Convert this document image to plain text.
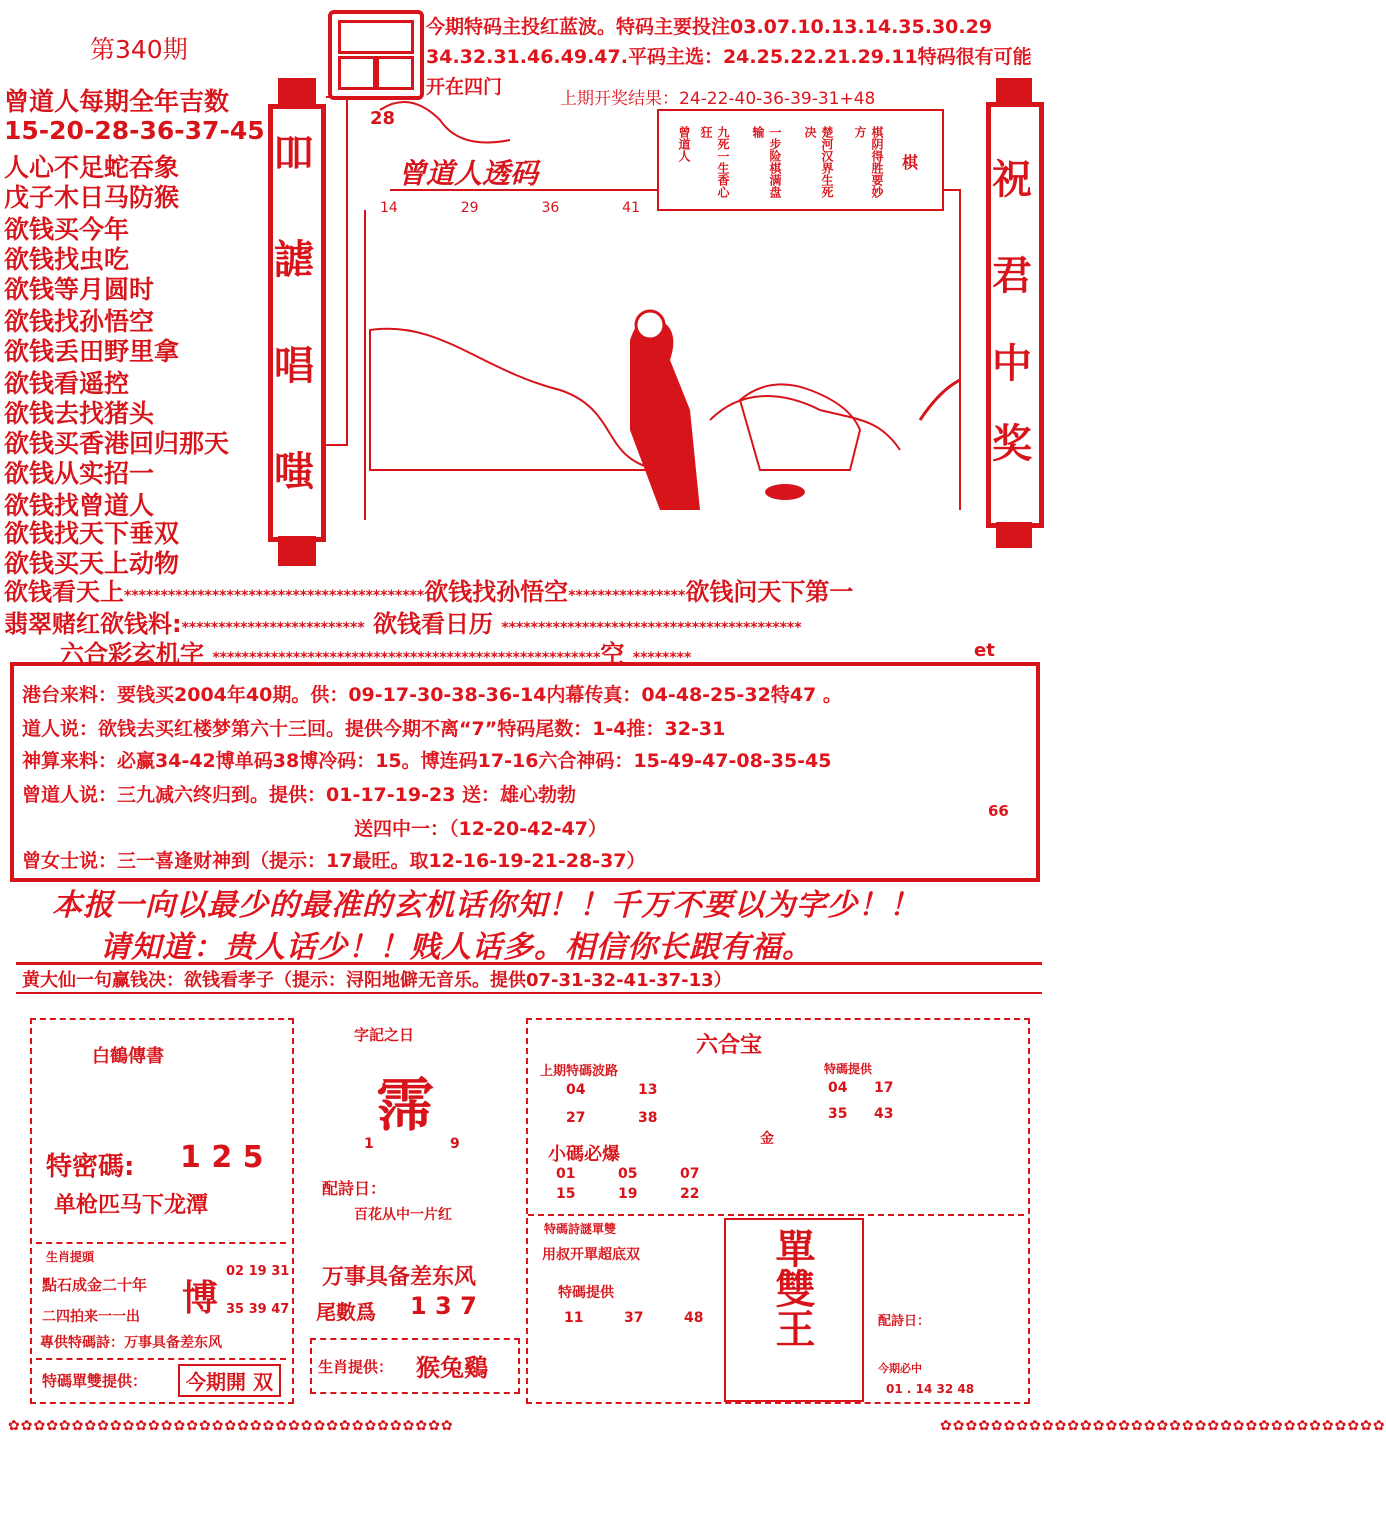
第340期
今期特码主投红蓝波。特码主要投注03.07.10.13.14.35.30.29
34.32.31.46.49.47.平码主选：24.25.22.21.29.11特码很有可能
开在四门
上期开奖结果：24-22-40-36-39-31+48
曾道人每期全年吉数
15-20-28-36-37-45
人心不足蛇吞象
戊子木日马防猴
欲钱买今年
欲钱找虫吃
欲钱等月圆时
欲钱找孙悟空
欲钱丢田野里拿
欲钱看遥控
欲钱去找猪头
欲钱买香港回归那天
欲钱从实招一
欲钱找曾道人
欲钱找天下垂双
欲钱买天上动物
吅
謔
唱
嗤
28
曾道人透码
14	29	36	41
曾道人	九死一生香心狂	一步险棋满盘输	楚河汉界生死决	棋阴得胜要妙方
棋 祝
君
中
奖
欲钱看天上*****************************************欲钱找孙悟空****************欲钱问天下第一
翡翠赌红欲钱料:************************* 欲钱看日历 *****************************************
六合彩玄机字 *****************************************************空 ********	et
港台来料：要钱买2004年40期。供：09-17-30-38-36-14内幕传真：04-48-25-32特47 。
道人说：欲钱去买红楼梦第六十三回。提供今期不离“7”特码尾数：1-4推：32-31
神算来料：必赢34-42博单码38博冷码：15。博连码17-16六合神码：15-49-47-08-35-45
曾道人说：三九减六终归到。提供：01-17-19-23 送：雄心勃勃
送四中一：（12-20-42-47）
66
曾女士说：三一喜逢财神到（提示：17最旺。取12-16-19-21-28-37）
本报一向以最少的最准的玄机话你知！！千万不要以为字少！！
请知道：贵人话少！！贱人话多。相信你长跟有福。
黄大仙一句赢钱决：欲钱看孝子（提示：浔阳地僻无音乐。提供07-31-32-41-37-13）
白鶴傳書
特密碼: 1 2 5
单枪匹马下龙潭
生肖提頭
點石成金二十年
二四拍来一一出 博
02 19 31
35 39 47
專供特碼詩：万事具备差东风
特碼單雙提供：	今期開 双
字記之日
霈
1	9
配詩日：
百花从中一片红
万事具备差东风
尾數爲 1 3 7
生肖提供： 猴兔鷄
六合宝
上期特碼波路
04	13
27	38
金
小碼必爆
01	05	07
15	19	22
特碼提供
04 17
35 43
特碼詩謎單雙
用叔开單超底双
特碼提供
11	37	48 單雙王	配詩日：
今期必中
01 . 14 32 48
✿✿✿✿✿✿✿✿✿✿✿✿✿✿✿✿✿✿✿✿✿✿✿✿✿✿✿✿✿✿✿✿✿✿✿	✿✿✿✿✿✿✿✿✿✿✿✿✿✿✿✿✿✿✿✿✿✿✿✿✿✿✿✿✿✿✿✿✿✿✿
